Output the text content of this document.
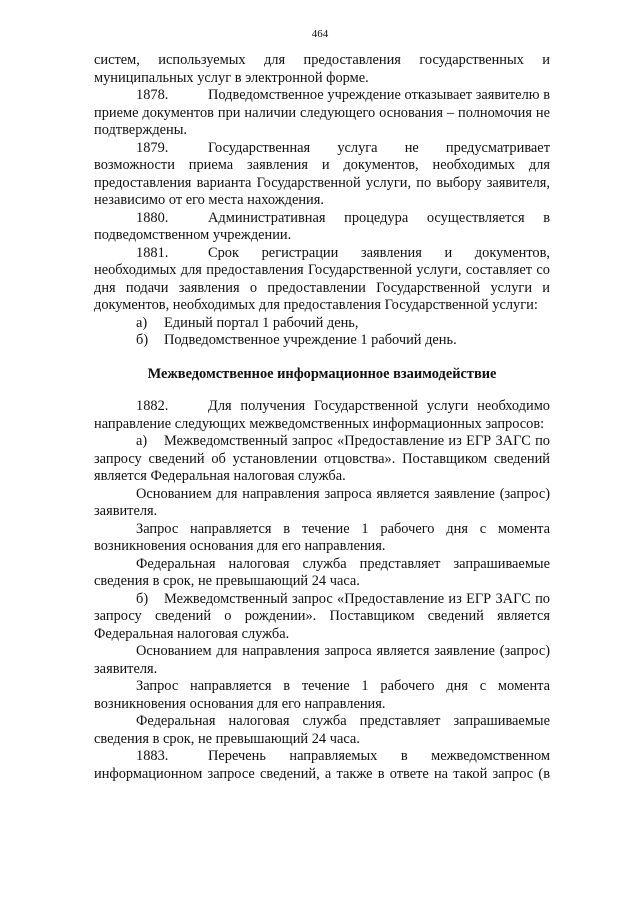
464

систем, используемых для предоставления государственных и муниципальных услуг в электронной форме.

1878.	Подведомственное учреждение отказывает заявителю в приеме документов при наличии следующего основания – полномочия не подтверждены.

1879.	Государственная услуга не предусматривает возможности приема заявления и документов, необходимых для предоставления варианта Государственной услуги, по выбору заявителя, независимо от его места нахождения.

1880.	Административная процедура осуществляется в подведомственном учреждении.

1881.	Срок регистрации заявления и документов, необходимых для предоставления Государственной услуги, составляет со дня подачи заявления о предоставлении Государственной услуги и документов, необходимых для предоставления Государственной услуги:

а) Единый портал 1 рабочий день,

б) Подведомственное учреждение 1 рабочий день.

Межведомственное информационное взаимодействие

1882.	Для получения Государственной услуги необходимо направление следующих межведомственных информационных запросов:

а) Межведомственный запрос «Предоставление из ЕГР ЗАГС по запросу сведений об установлении отцовства». Поставщиком сведений является Федеральная налоговая служба.

Основанием для направления запроса является заявление (запрос) заявителя.

Запрос направляется в течение 1 рабочего дня с момента возникновения основания для его направления.

Федеральная налоговая служба представляет запрашиваемые сведения в срок, не превышающий 24 часа.

б) Межведомственный запрос «Предоставление из ЕГР ЗАГС по запросу сведений о рождении». Поставщиком сведений является Федеральная налоговая служба.

Основанием для направления запроса является заявление (запрос) заявителя.

Запрос направляется в течение 1 рабочего дня с момента возникновения основания для его направления.

Федеральная налоговая служба представляет запрашиваемые сведения в срок, не превышающий 24 часа.

1883.	Перечень направляемых в межведомственном информационном запросе сведений, а также в ответе на такой запрос (в
